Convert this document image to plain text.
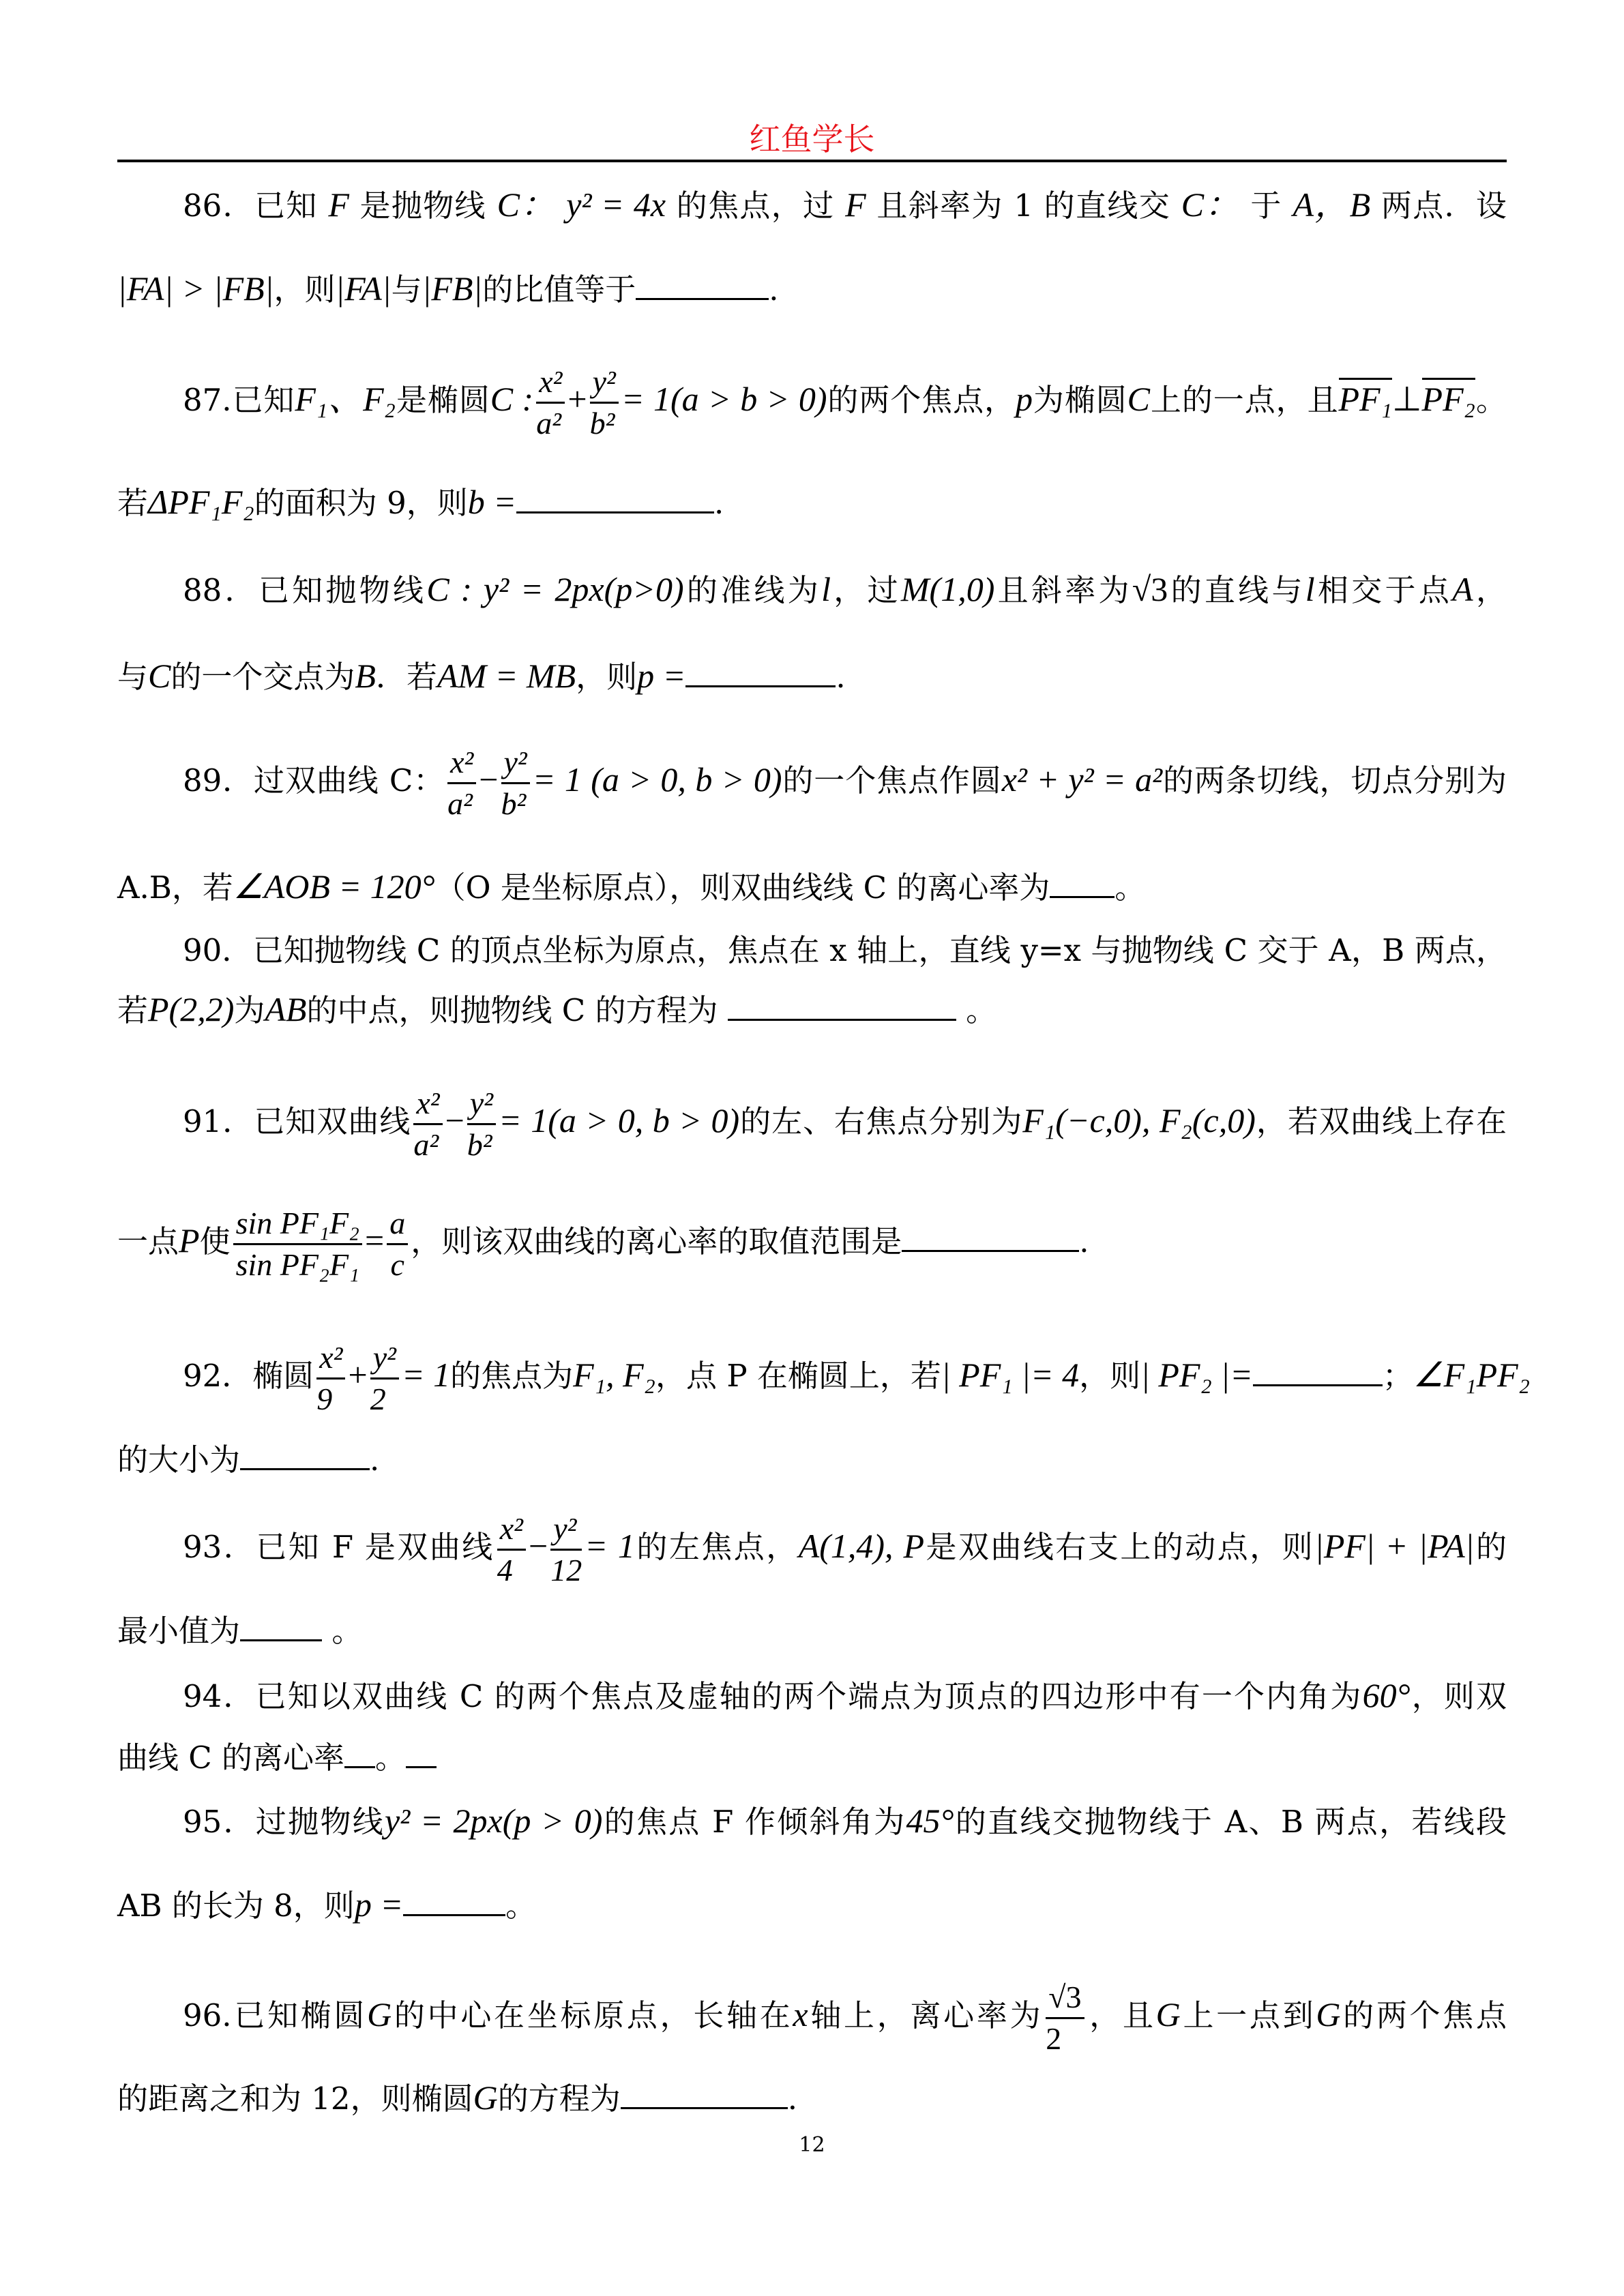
红鱼学长
86．已知 F 是抛物线 C： y² = 4x 的焦点，过 F 且斜率为 1 的直线交 C： 于 A，B 两点．设
|FA| > |FB|，则|FA|与|FB|的比值等于	.
87.已知F₁、F₂是椭圆C : $\frac{\text{x²}}{\text{a²}} + \frac{\text{y²}}{\text{b²}} = 1(a > b > 0)$的两个焦点，p为椭圆C上的一点，且PF₁⊥PF₂。
若ΔPF₁F₂的面积为 9，则b =	.
88．已知抛物线C : y² = 2px(p>0)的准线为l，过M(1,0)且斜率为√3的直线与l相交于点A，
与C的一个交点为B．若AM = MB，则p =	.
89．过双曲线 C： $\frac{\text{x²}}{\text{a²}} - \frac{\text{y²}}{\text{b²}} = 1$ (a > 0, b > 0)的一个焦点作圆x² + y² = a²的两条切线，切点分别为
A.B，若∠AOB = 120°（O 是坐标原点），则双曲线线 C 的离心率为 。
90．已知抛物线 C 的顶点坐标为原点，焦点在 x 轴上，直线 y=x 与抛物线 C 交于 A，B 两点，
若P(2,2)为AB的中点，则抛物线 C 的方程为	。
91．已知双曲线 $\frac{\text{x²}}{\text{a²}} - \frac{\text{y²}}{\text{b²}} = 1(a > 0$, b > 0)的左、右焦点分别为F₁(−c,0), F₂(c,0)，若双曲线上存在
一点P使 $\frac{\text{sin PF₁F₂}}{\text{sin PF₂F₁}} = \frac{a}{c}$ ，则该双曲线的离心率的取值范围是	.
92．椭圆 $\frac{\text{x²}}{9} + \frac{\text{y²}}{2} = 1$的焦点为F₁, F₂，点 P 在椭圆上，若| PF₁ |= 4，则| PF₂ |=	；∠F₁PF₂
的大小为	.
93．已知 F 是双曲线 $\frac{\text{x²}}{4} - \frac{\text{y²}}{12} = 1$的左焦点，A(1,4), P是双曲线右支上的动点，则|PF| + |PA|的
最小值为	。
94．已知以双曲线 C 的两个焦点及虚轴的两个端点为顶点的四边形中有一个内角为60°，则双
曲线 C 的离心率 。
95．过抛物线y² = 2px(p > 0)的焦点 F 作倾斜角为45°的直线交抛物线于 A、B 两点，若线段
AB 的长为 8，则p =	。
96.已知椭圆G的中心在坐标原点，长轴在x轴上，离心率为 $\frac{√3}{2}$ ，且G上一点到G的两个焦点
的距离之和为 12，则椭圆G的方程为	.
12
